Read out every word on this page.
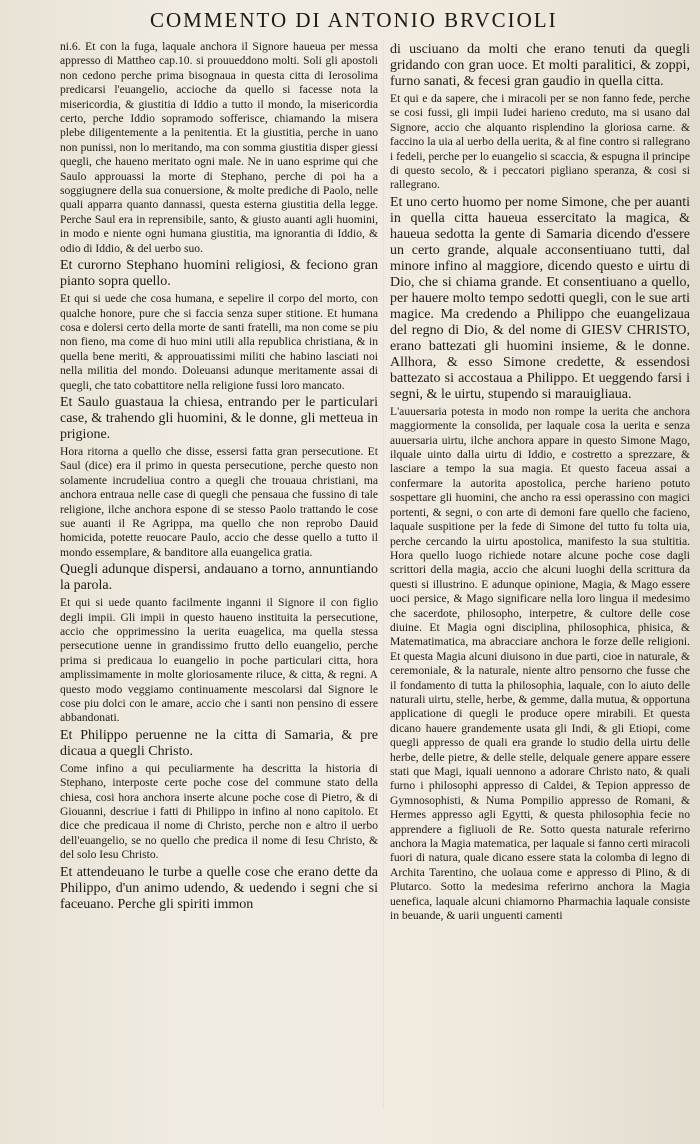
COMMENTO DI ANTONIO BRVCIOLI

ni.6. Et con la fuga, laquale anchora il Signore haueua per messa appresso di Mattheo cap.10. si prouueddono molti. Soli gli apostoli non cedono perche prima bisognaua in questa citta di Ierosolima predicarsi l'euangelio, accioche da quello si facesse nota la misericordia, & giustitia di Iddio a tutto il mondo, la misericordia certo, perche Iddio sopramodo sofferisce, chiamando la misera plebe diligentemente a la penitentia. Et la giustitia, perche in uano non punissi, non lo meritando, ma con somma giustitia disper giessi quegli, che haueno meritato ogni male. Ne in uano esprime qui che Saulo approuassi la morte di Stephano, perche di poi ha a soggiugnere della sua conuersione, & molte prediche di Paolo, nelle quali apparra quanto dannassi, questa esterna giustitia della legge. Perche Saul era in reprensibile, santo, & giusto auanti agli huomini, in modo e niente ogni humana giustitia, ma ignorantia di Iddio, & odio di Iddio, & del uerbo suo.

Et curorno Stephano huomini religiosi, & feciono gran pianto sopra quello.

Et qui si uede che cosa humana, e sepelire il corpo del morto, con qualche honore, pure che si faccia senza super stitione. Et humana cosa e dolersi certo della morte de santi fratelli, ma non come se piu non fieno, ma come di huo mini utili alla republica christiana, & in quella bene meriti, & approuatissimi militi che habino lasciati noi nella militia del mondo. Doleuansi adunque meritamente assai di quegli, che tato cobattitore nella religione fussi loro mancato.

Et Saulo guastaua la chiesa, entrando per le particulari case, & trahendo gli huomini, & le donne, gli metteua in prigione.

Hora ritorna a quello che disse, essersi fatta gran persecutione. Et Saul (dice) era il primo in questa persecutione, perche questo non solamente incrudeliua contro a quegli che trouaua christiani, ma anchora entraua nelle case di quegli che pensaua che fussino di tale religione, ilche anchora espone di se stesso Paolo trattando le cose sue auanti il Re Agrippa, ma quello che non reprobo Dauid homicida, potette reuocare Paulo, accio che desse quello a tutto il mondo essemplare, & banditore alla euangelica gratia.

Quegli adunque dispersi, andauano a torno, annuntiando la parola.

Et qui si uede quanto facilmente inganni il Signore il con figlio degli impii. Gli impii in questo haueno instituita la persecutione, accio che opprimessino la uerita euagelica, ma quella stessa persecutione uenne in grandissimo frutto dello euangelio, perche prima si predicaua lo euangelio in poche particulari citta, hora amplissimamente in molte gloriosamente riluce, & citta, & regni. A questo modo veggiamo continuamente mescolarsi dal Signore le cose piu dolci con le amare, accio che i santi non pensino di essere abbandonati.

Et Philippo peruenne ne la citta di Samaria, & pre dicaua a quegli Christo.

Come infino a qui peculiarmente ha descritta la historia di Stephano, interposte certe poche cose del commune stato della chiesa, cosi hora anchora inserte alcune poche cose di Pietro, & di Giouanni, descriue i fatti di Philippo in infino al nono capitolo. Et dice che predicaua il nome di Christo, perche non e altro il uerbo dell'euangelio, se no quello che predica il nome di Iesu Christo, & del solo Iesu Christo.

Et attendeuano le turbe a quelle cose che erano dette da Philippo, d'un animo udendo, & uedendo i segni che si faceuano. Perche gli spiriti immon

di usciuano da molti che erano tenuti da quegli gridando con gran uoce. Et molti paralitici, & zoppi, furno sanati, & fecesi gran gaudio in quella citta.

Et qui e da sapere, che i miracoli per se non fanno fede, perche se cosi fussi, gli impii Iudei harieno creduto, ma si usano dal Signore, accio che alquanto risplendino la gloriosa carne. & faccino la uia al uerbo della uerita, & al fine contro si rallegrano i fedeli, perche per lo euangelio si scaccia, & espugna il principe di questo secolo, & i peccatori pigliano speranza, & cosi si rallegrano.

Et uno certo huomo per nome Simone, che per auanti in quella citta haueua essercitato la magica, & haueua sedotta la gente di Samaria dicendo d'essere un certo grande, alquale acconsentiuano tutti, dal minore infino al maggiore, dicendo questo e uirtu di Dio, che si chiama grande. Et consentiuano a quello, per hauere molto tempo sedotti quegli, con le sue arti magice. Ma credendo a Philippo che euangelizaua del regno di Dio, & del nome di GIESV CHRISTO, erano battezati gli huomini insieme, & le donne. Allhora, & esso Simone credette, & essendosi battezato si accostaua a Philippo. Et ueggendo farsi i segni, & le uirtu, stupendo si marauigliaua.

L'auuersaria potesta in modo non rompe la uerita che anchora maggiormente la consolida, per laquale cosa la uerita e senza auuersaria uirtu, ilche anchora appare in questo Simone Mago, ilquale uinto dalla uirtu di Iddio, e costretto a sprezzare, & lasciare a tempo la sua magia. Et questo faceua assai a confermare la autorita apostolica, perche harieno potuto sospettare gli huomini, che ancho ra essi operassino con magici portenti, & segni, o con arte di demoni fare quello che facieno, laquale suspitione per la fede di Simone del tutto fu tolta uia, perche cercando la uirtu apostolica, manifesto la sua stultitia. Hora quello luogo richiede notare alcune poche cose dagli scrittori della magia, accio che alcuni luoghi della scrittura da questi si illustrino. E adunque opinione, Magia, & Mago essere uoci persice, & Mago significare nella loro lingua il medesimo che sacerdote, philosopho, interpetre, & cultore delle cose diuine. Et Magia ogni disciplina, philosophica, phisica, & Matematimatica, ma abracciare anchora le forze delle religioni. Et questa Magia alcuni diuisono in due parti, cioe in naturale, & ceremoniale, & la naturale, niente altro pensorno che fusse che il fondamento di tutta la philosophia, laquale, con lo aiuto delle naturali uirtu, stelle, herbe, & gemme, dalla mutua, & opportuna applicatione di quegli le produce opere mirabili. Et questa dicano hauere grandemente usata gli Indi, & gli Etiopi, come quegli appresso de quali era grande lo studio della uirtu delle herbe, delle pietre, & delle stelle, delquale genere appare essere stati que Magi, iquali uennono a adorare Christo nato, & quali furno i philosophi appresso di Caldei, & Tepion appresso de Gymnosophisti, & Numa Pompilio appresso de Romani, & Hermes appresso agli Egytti, & questa philosophia fecie no apprendere a figliuoli de Re. Sotto questa naturale referirno anchora la Magia matematica, per laquale si fanno certi miracoli fuori di natura, quale dicano essere stata la colomba di legno di Archita Tarentino, che uolaua come e appresso di Plino, & di Plutarco. Sotto la medesima referirno anchora la Magia uenefica, laquale alcuni chiamorno Pharmachia laquale consiste in beuande, & uarii unguenti camenti
